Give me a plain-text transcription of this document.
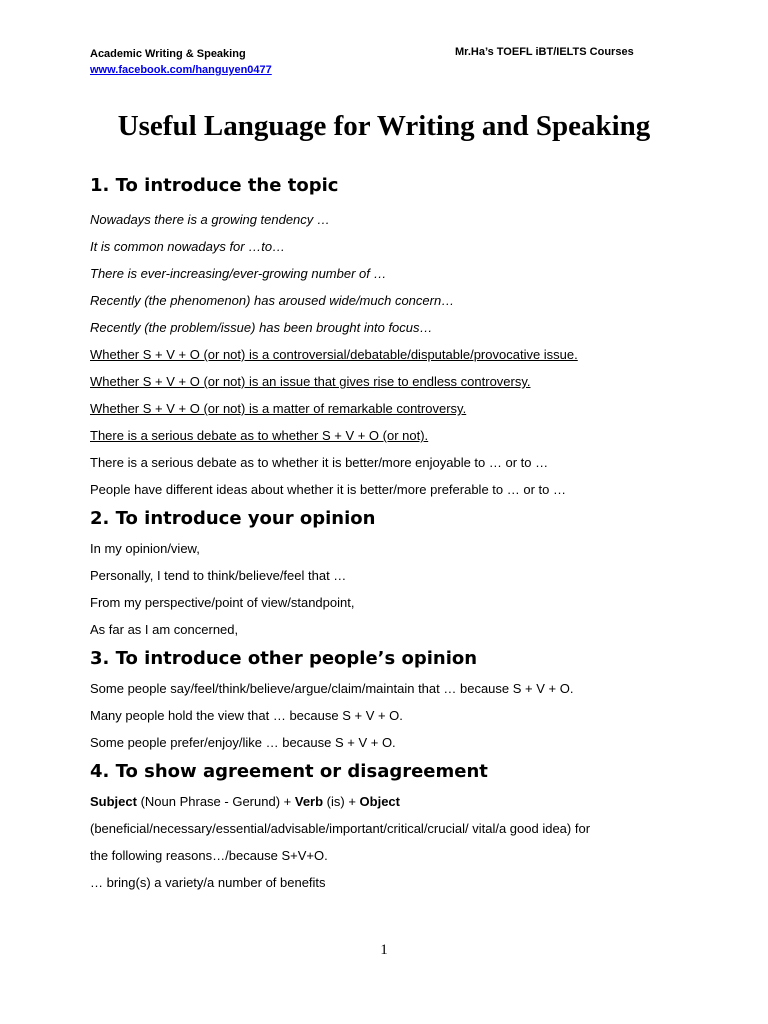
Academic Writing & Speaking
www.facebook.com/hanguyen0477
Mr.Ha’s TOEFL iBT/IELTS Courses
Useful Language for Writing and Speaking
1. To introduce the topic
Nowadays there is a growing tendency …
It is common nowadays for …to…
There is ever-increasing/ever-growing number of …
Recently (the phenomenon) has aroused wide/much concern…
Recently (the problem/issue) has been brought into focus…
Whether S + V + O (or not) is a controversial/debatable/disputable/provocative issue.
Whether S + V + O (or not) is an issue that gives rise to endless controversy.
Whether S + V + O (or not) is a matter of remarkable controversy.
There is a serious debate as to whether S + V + O (or not).
There is a serious debate as to whether it is better/more enjoyable to … or to …
People have different ideas about whether it is better/more preferable to … or to …
2. To introduce your opinion
In my opinion/view,
Personally, I tend to think/believe/feel that …
From my perspective/point of view/standpoint,
As far as I am concerned,
3. To introduce other people’s opinion
Some people say/feel/think/believe/argue/claim/maintain that … because S + V + O.
Many people hold the view that … because S + V + O.
Some people prefer/enjoy/like … because S + V + O.
4. To show agreement or disagreement
Subject (Noun Phrase - Gerund) + Verb (is) + Object
(beneficial/necessary/essential/advisable/important/critical/crucial/ vital/a good idea) for
the following reasons…/because S+V+O.
… bring(s) a variety/a number of benefits
1
